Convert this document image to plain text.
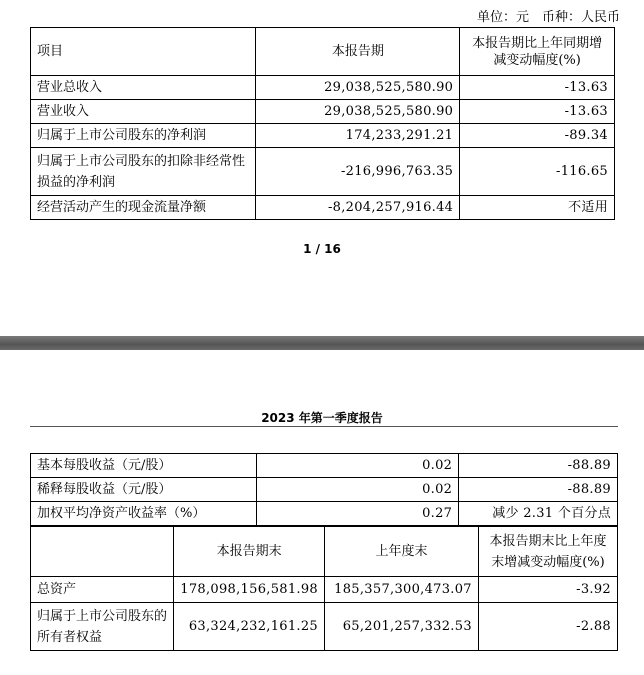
单位：元　币种：人民币
项目	本报告期	本报告期比上年同期增减变动幅度(%)
营业总收入	29,038,525,580.90	-13.63
营业收入	29,038,525,580.90	-13.63
归属于上市公司股东的净利润	174,233,291.21	-89.34
归属于上市公司股东的扣除非经常性损益的净利润	-216,996,763.35	-116.65
经营活动产生的现金流量净额	-8,204,257,916.44	不适用
1 / 16
2023 年第一季度报告
基本每股收益（元/股）	0.02	-88.89
稀释每股收益（元/股）	0.02	-88.89
加权平均净资产收益率（%）	0.27	减少 2.31 个百分点
	本报告期末	上年度末	本报告期末比上年度末增减变动幅度(%)
总资产	178,098,156,581.98	185,357,300,473.07	-3.92
归属于上市公司股东的所有者权益	63,324,232,161.25	65,201,257,332.53	-2.88
